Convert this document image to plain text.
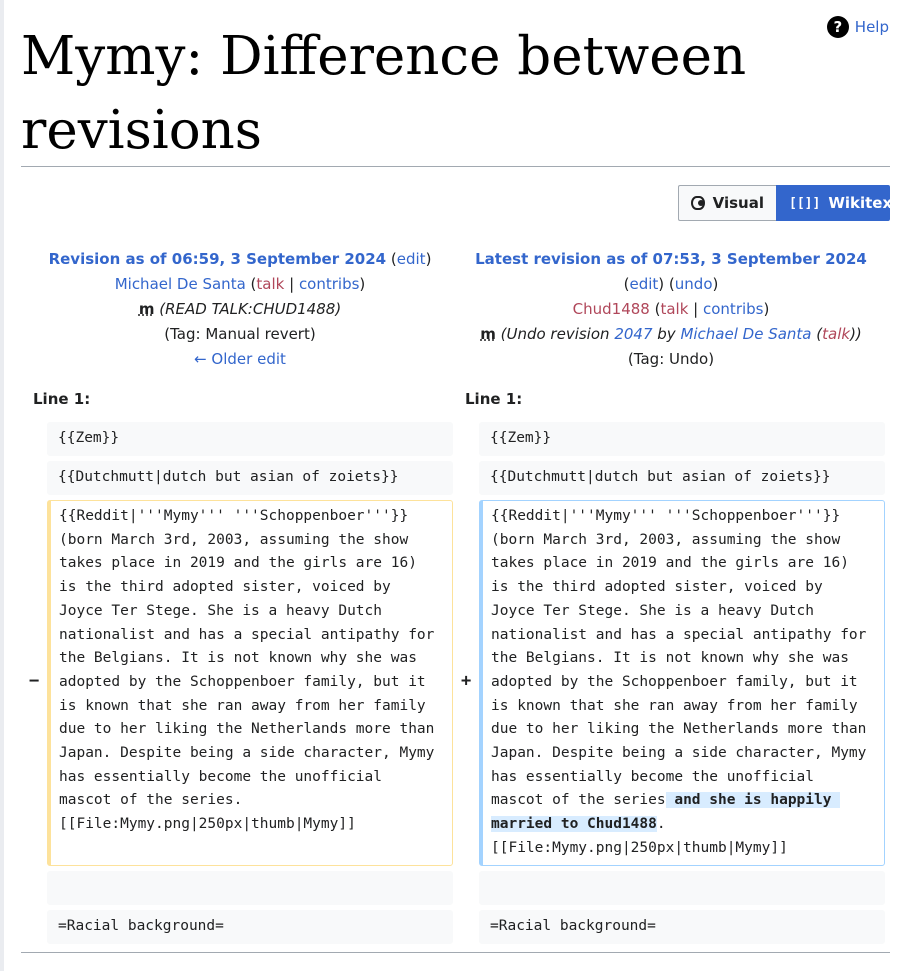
? Help
Mymy: Difference between revisions
Visual [[]] Wikitext
Revision as of 06:59, 3 September 2024 (edit)
Michael De Santa (talk | contribs)
m (READ TALK:CHUD1488)
(Tag: Manual revert)
← Older edit
Latest revision as of 07:53, 3 September 2024 (edit) (undo)
Chud1488 (talk | contribs)
m (Undo revision 2047 by Michael De Santa (talk))
(Tag: Undo)
Line 1:	Line 1:
{{Zem}}	{{Zem}}
{{Dutchmutt|dutch but asian of zoiets}}	{{Dutchmutt|dutch but asian of zoiets}}
−
{{Reddit|'''Mymy''' '''Schoppenboer'''}} (born March 3rd, 2003, assuming the show takes place in 2019 and the girls are 16) is the third adopted sister, voiced by Joyce Ter Stege. She is a heavy Dutch nationalist and has a special antipathy for the Belgians. It is not known why she was adopted by the Schoppenboer family, but it is known that she ran away from her family due to her liking the Netherlands more than Japan. Despite being a side character, Mymy has essentially become the unofficial mascot of the series. [[File:Mymy.png|250px|thumb|Mymy]]
+
{{Reddit|'''Mymy''' '''Schoppenboer'''}} (born March 3rd, 2003, assuming the show takes place in 2019 and the girls are 16) is the third adopted sister, voiced by Joyce Ter Stege. She is a heavy Dutch nationalist and has a special antipathy for the Belgians. It is not known why she was adopted by the Schoppenboer family, but it is known that she ran away from her family due to her liking the Netherlands more than Japan. Despite being a side character, Mymy has essentially become the unofficial mascot of the series and she is happily married to Chud1488. [[File:Mymy.png|250px|thumb|Mymy]]
=Racial background=	=Racial background=
